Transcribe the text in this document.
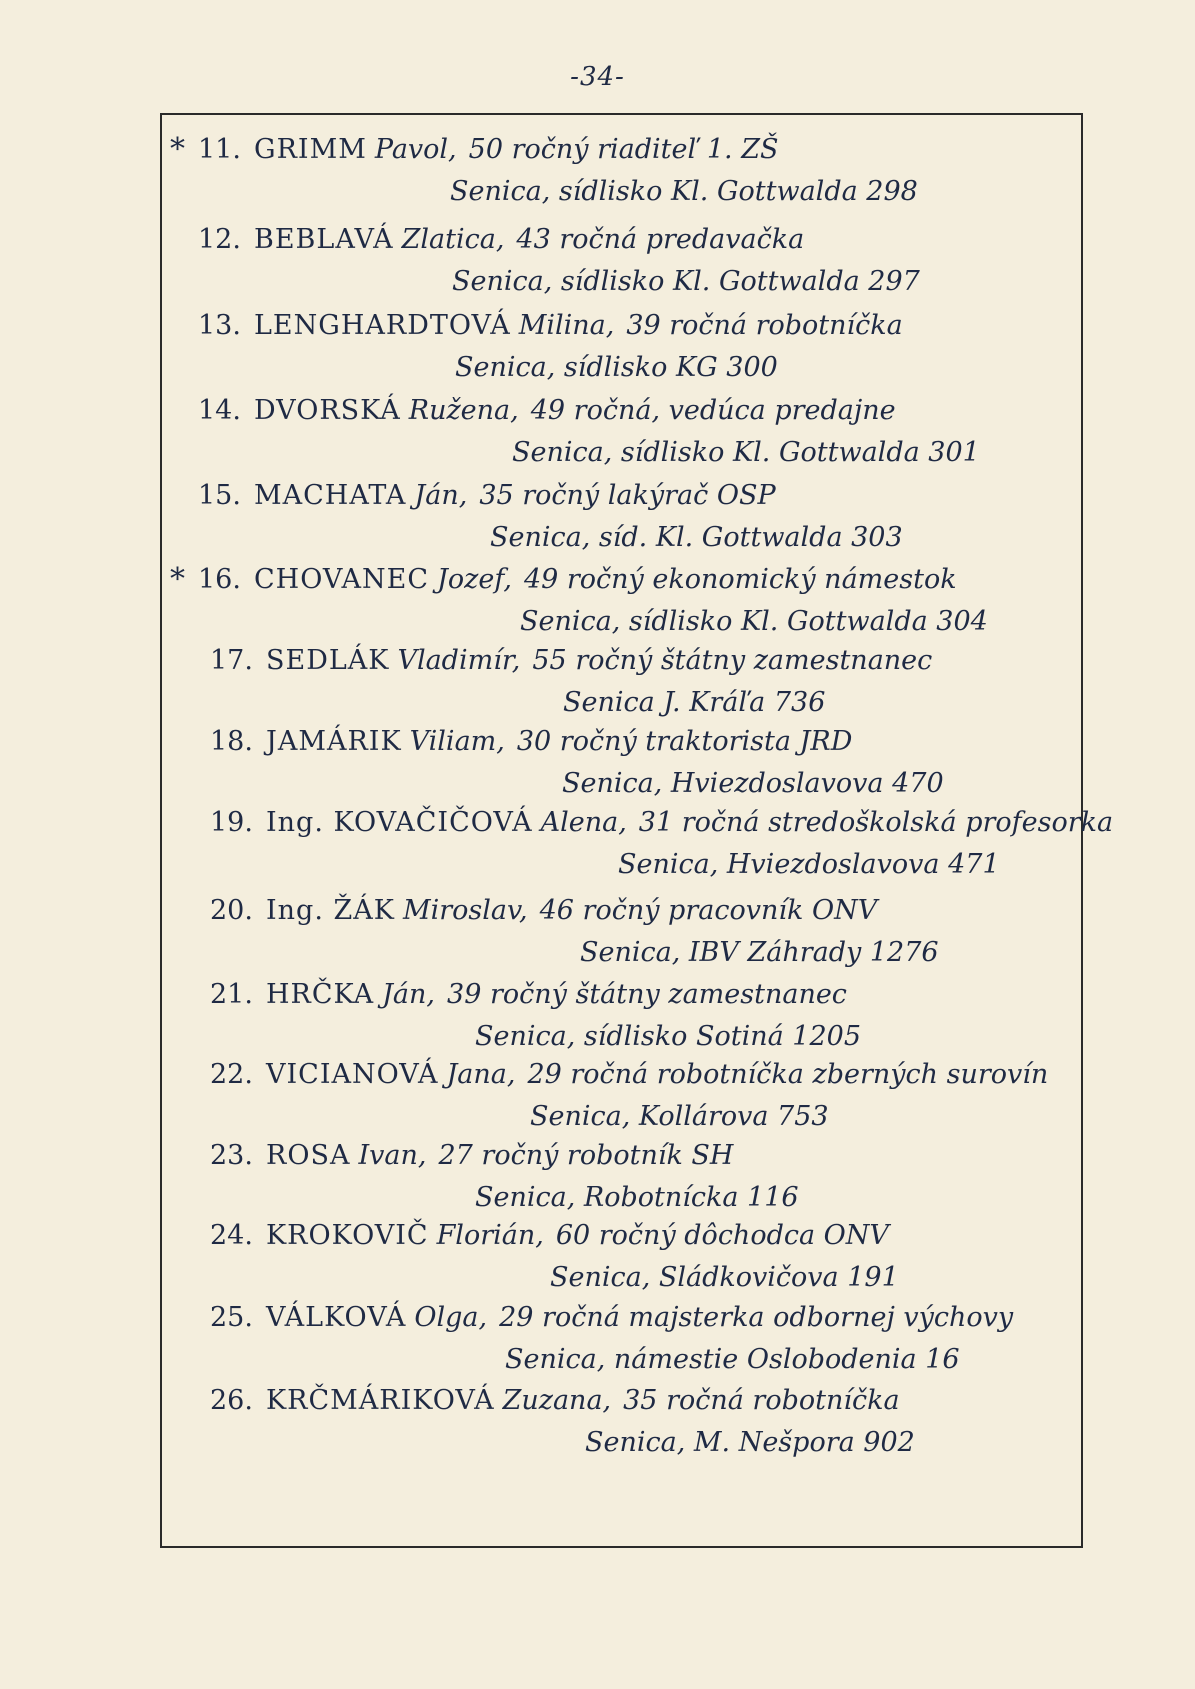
-34-
* 11. GRIMM Pavol, 50 ročný riaditeľ 1. ZŠ
Senica, sídlisko Kl. Gottwalda 298
12. BEBLAVÁ Zlatica, 43 ročná predavačka
Senica, sídlisko Kl. Gottwalda 297
13. LENGHARDTOVÁ Milina, 39 ročná robotníčka
Senica, sídlisko KG 300
14. DVORSKÁ Ružena, 49 ročná, vedúca predajne
Senica, sídlisko Kl. Gottwalda 301
15. MACHATA Ján, 35 ročný lakýrač OSP
Senica, síd. Kl. Gottwalda 303
* 16. CHOVANEC Jozef, 49 ročný ekonomický námestok
Senica, sídlisko Kl. Gottwalda 304
17. SEDLÁK Vladimír, 55 ročný štátny zamestnanec
Senica J. Kráľa 736
18. JAMÁRIK Viliam, 30 ročný traktorista JRD
Senica, Hviezdoslavova 470
19. Ing. KOVAČIČOVÁ Alena, 31 ročná stredoškolská profesorka
Senica, Hviezdoslavova 471
20. Ing. ŽÁK Miroslav, 46 ročný pracovník ONV
Senica, IBV Záhrady 1276
21. HRČKA Ján, 39 ročný štátny zamestnanec
Senica, sídlisko Sotiná 1205
22. VICIANOVÁ Jana, 29 ročná robotníčka zberných surovín
Senica, Kollárova 753
23. ROSA Ivan, 27 ročný robotník SH
Senica, Robotnícka 116
24. KROKOVIČ Florián, 60 ročný dôchodca ONV
Senica, Sládkovičova 191
25. VÁLKOVÁ Olga, 29 ročná majsterka odbornej výchovy
Senica, námestie Oslobodenia 16
26. KRČMÁRIKOVÁ Zuzana, 35 ročná robotníčka
Senica, M. Nešpora 902
